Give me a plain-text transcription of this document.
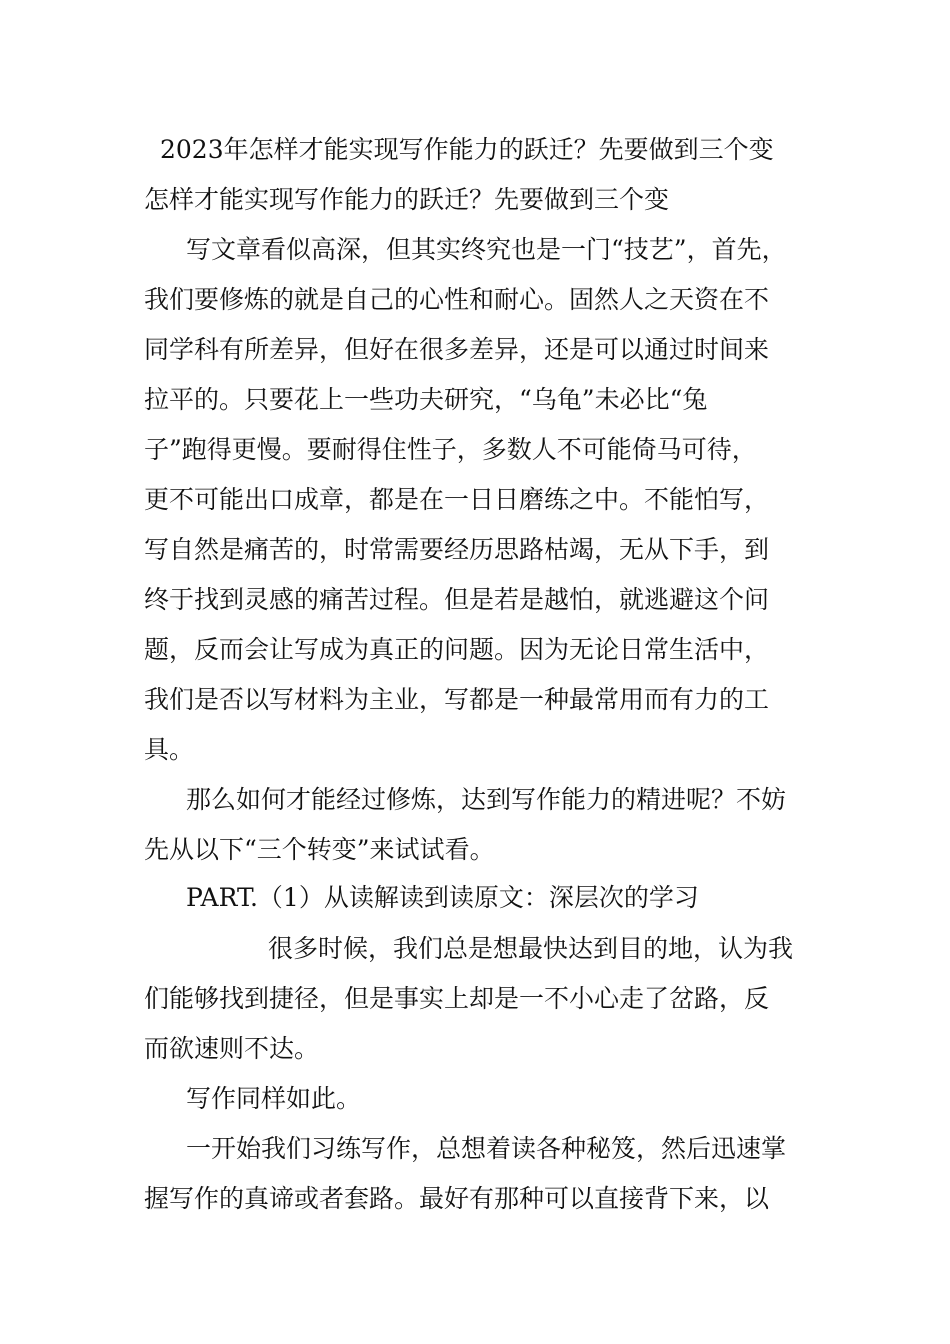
2023年怎样才能实现写作能力的跃迁？先要做到三个变
怎样才能实现写作能力的跃迁？先要做到三个变
写文章看似高深，但其实终究也是一门“技艺”，首先，
我们要修炼的就是自己的心性和耐心。固然人之天资在不
同学科有所差异，但好在很多差异，还是可以通过时间来
拉平的。只要花上一些功夫研究，“乌龟”未必比“兔
子”跑得更慢。要耐得住性子，多数人不可能倚马可待，
更不可能出口成章，都是在一日日磨练之中。不能怕写，
写自然是痛苦的，时常需要经历思路枯竭，无从下手，到
终于找到灵感的痛苦过程。但是若是越怕，就逃避这个问
题，反而会让写成为真正的问题。因为无论日常生活中，
我们是否以写材料为主业，写都是一种最常用而有力的工
具。
那么如何才能经过修炼，达到写作能力的精进呢？不妨
先从以下“三个转变”来试试看。
PART.（1）从读解读到读原文：深层次的学习
很多时候，我们总是想最快达到目的地，认为我
们能够找到捷径，但是事实上却是一不小心走了岔路，反
而欲速则不达。
写作同样如此。
一开始我们习练写作，总想着读各种秘笈，然后迅速掌
握写作的真谛或者套路。最好有那种可以直接背下来，以
